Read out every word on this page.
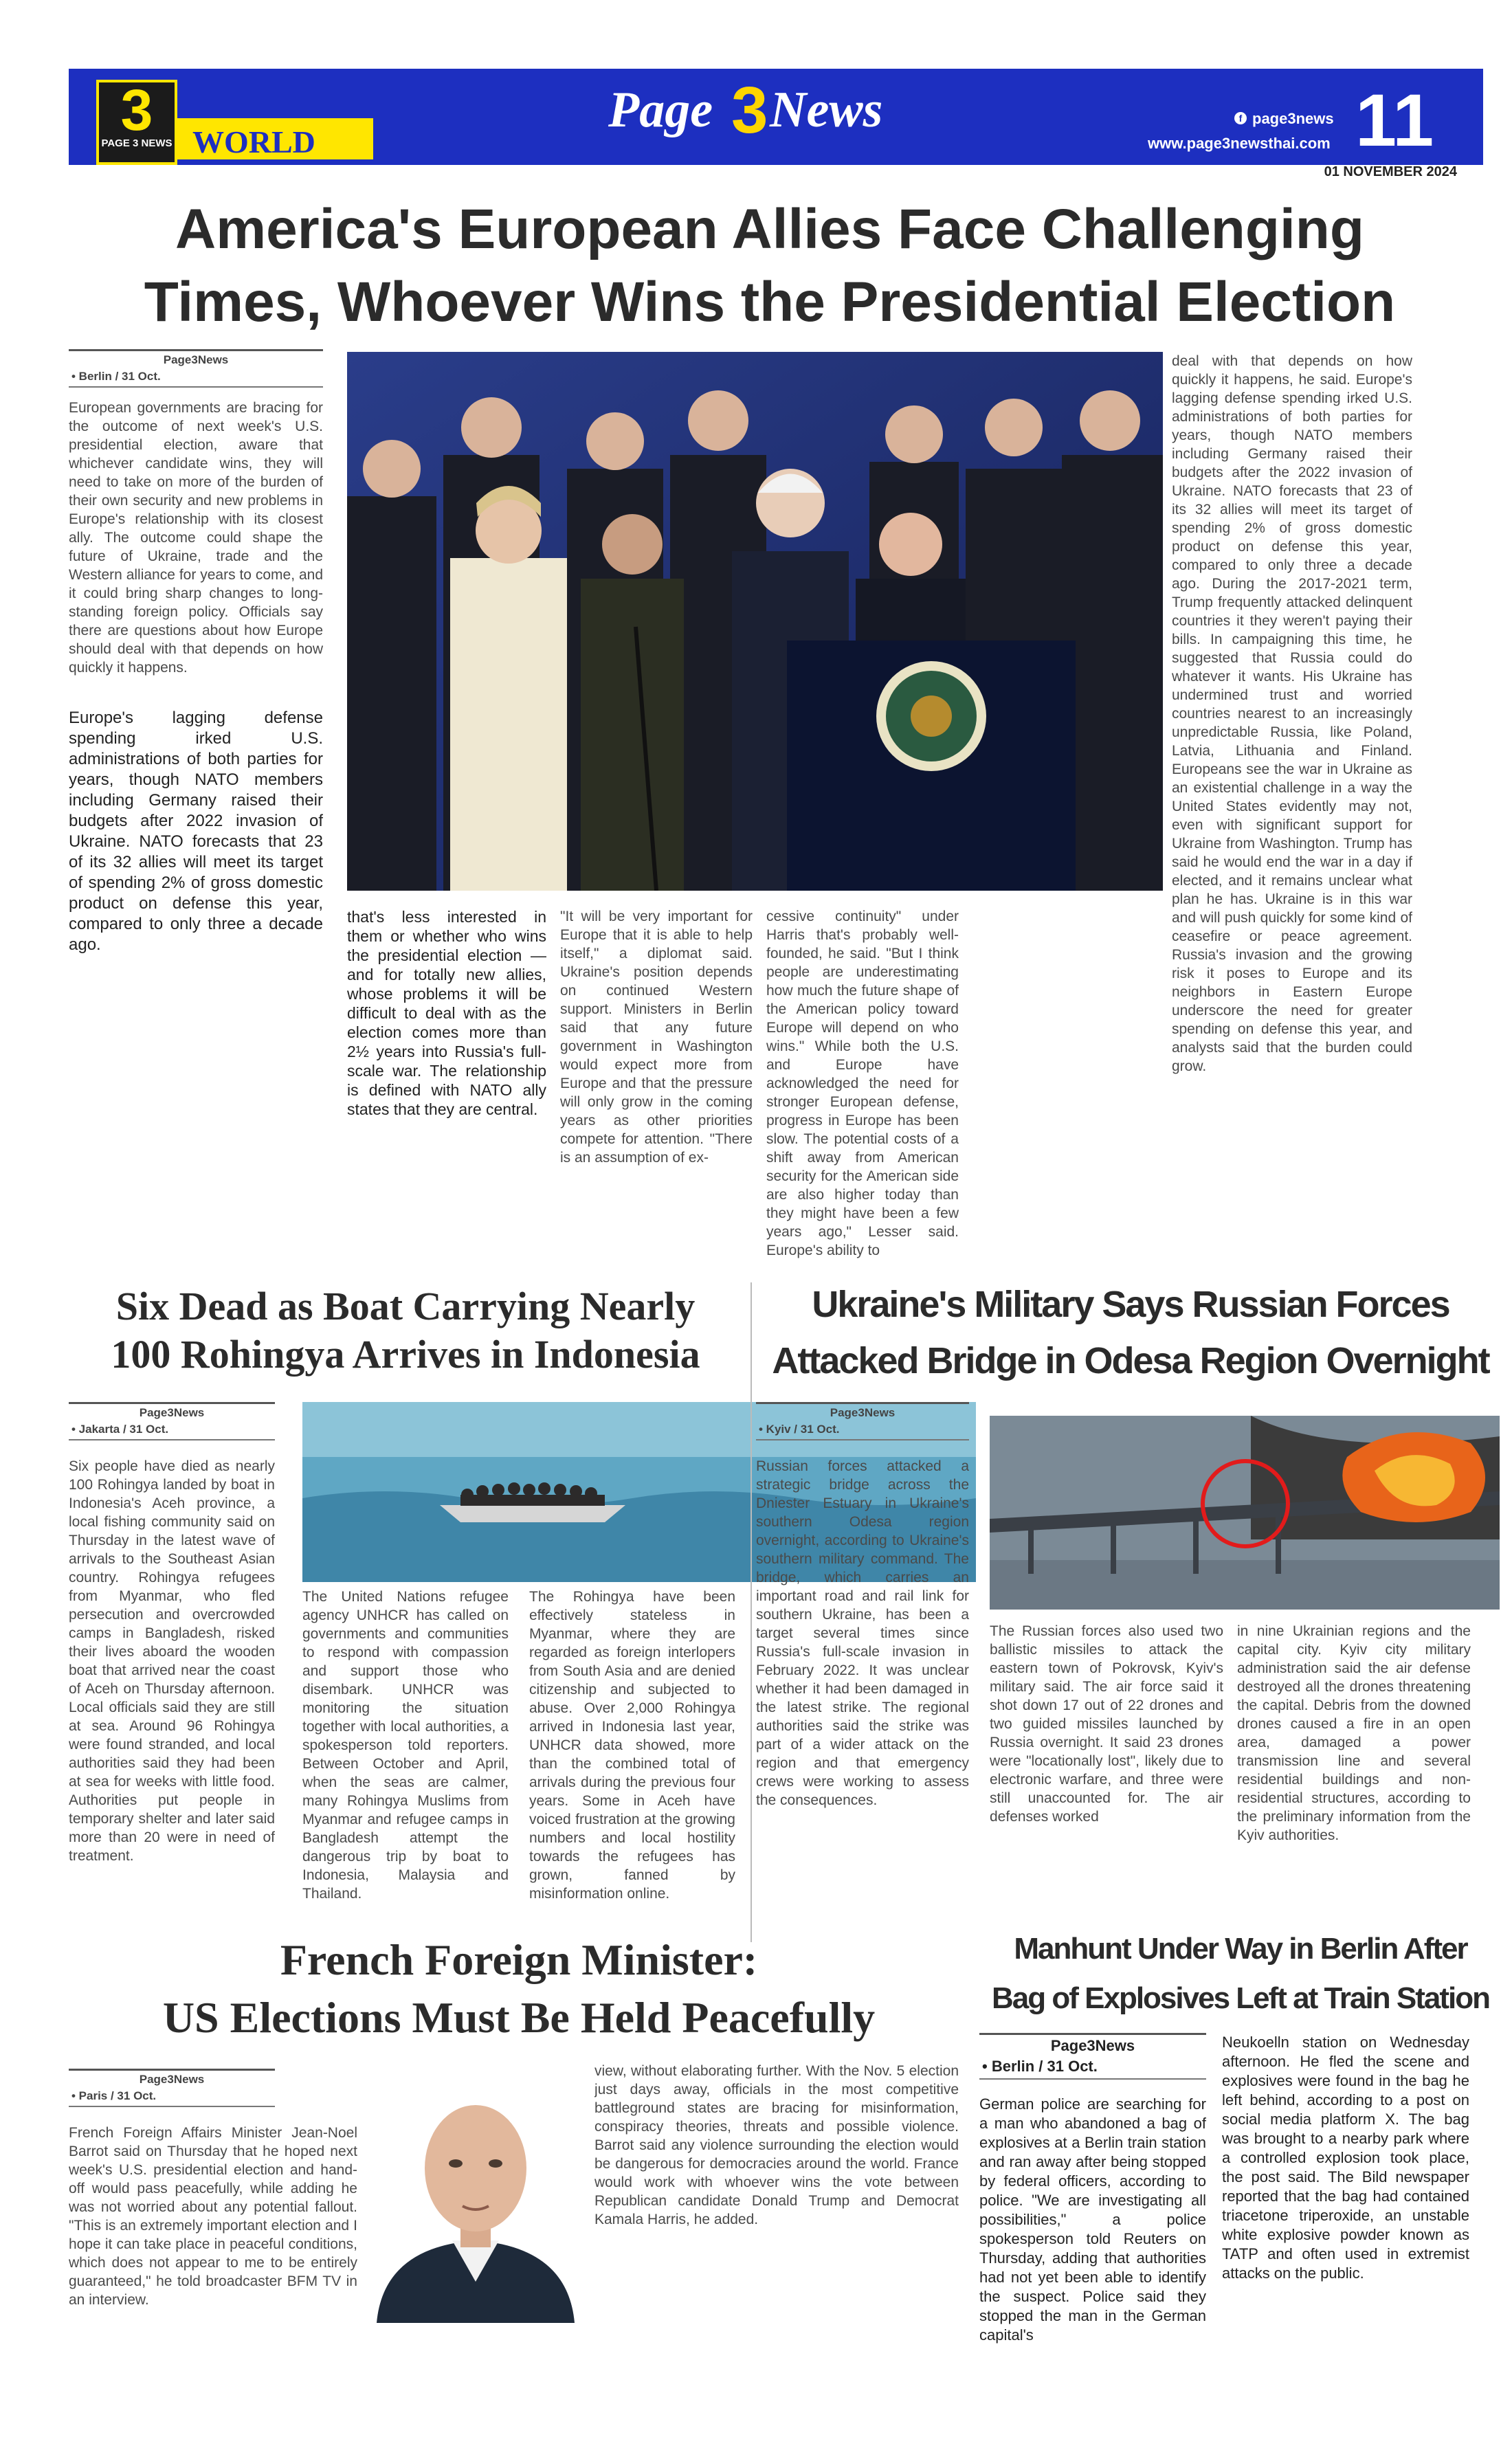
WORLD
3
PAGE 3 NEWS
Page 3 News	f page3news
www.page3newsthai.com 11
01 NOVEMBER 2024
America's European Allies Face Challenging
Times, Whoever Wins the Presidential Election
Page3News
• Berlin / 31 Oct.
European governments are bracing for the outcome of next week's U.S. presidential election, aware that whichever candidate wins, they will need to take on more of the burden of their own security and new problems in Europe's relationship with its closest ally. The outcome could shape the future of Ukraine, trade and the Western alliance for years to come, and it could bring sharp changes to long-standing foreign policy. Officials say there are questions about how Europe should deal with that depends on how quickly it happens.
Europe's lagging defense spending irked U.S. administrations of both parties for years, though NATO members including Germany raised their budgets after 2022 invasion of Ukraine. NATO forecasts that 23 of its 32 allies will meet its target of spending 2% of gross domestic product on defense this year, compared to only three a decade ago.
that's less interested in them or whether who wins the presidential election — and for totally new allies, whose problems it will be difficult to deal with as the election comes more than 2½ years into Russia's full-scale war. The relationship is defined with NATO ally states that they are central.
"It will be very important for Europe that it is able to help itself," a diplomat said. Ukraine's position depends on continued Western support. Ministers in Berlin said that any future government in Washington would expect more from Europe and that the pressure will only grow in the coming years as other priorities compete for attention. "There is an assumption of ex-
cessive continuity" under Harris that's probably well-founded, he said. "But I think people are underestimating how much the future shape of the American policy toward Europe will depend on who wins." While both the U.S. and Europe have acknowledged the need for stronger European defense, progress in Europe has been slow. The potential costs of a shift away from American security for the American side are also higher today than they might have been a few years ago," Lesser said. Europe's ability to
deal with that depends on how quickly it happens, he said. Europe's lagging defense spending irked U.S. administrations of both parties for years, though NATO members including Germany raised their budgets after the 2022 invasion of Ukraine. NATO forecasts that 23 of its 32 allies will meet its target of spending 2% of gross domestic product on defense this year, compared to only three a decade ago. During the 2017-2021 term, Trump frequently attacked delinquent countries it they weren't paying their bills. In campaigning this time, he suggested that Russia could do whatever it wants. His Ukraine has undermined trust and worried countries nearest to an increasingly unpredictable Russia, like Poland, Latvia, Lithuania and Finland. Europeans see the war in Ukraine as an existential challenge in a way the United States evidently may not, even with significant support for Ukraine from Washington. Trump has said he would end the war in a day if elected, and it remains unclear what plan he has. Ukraine is in this war and will push quickly for some kind of ceasefire or peace agreement. Russia's invasion and the growing risk it poses to Europe and its neighbors in Eastern Europe underscore the need for greater spending on defense this year, and analysts said that the burden could grow.
Six Dead as Boat Carrying Nearly
100 Rohingya Arrives in Indonesia
Page3News
• Jakarta / 31 Oct.
Six people have died as nearly 100 Rohingya landed by boat in Indonesia's Aceh province, a local fishing community said on Thursday in the latest wave of arrivals to the Southeast Asian country. Rohingya refugees from Myanmar, who fled persecution and overcrowded camps in Bangladesh, risked their lives aboard the wooden boat that arrived near the coast of Aceh on Thursday afternoon. Local officials said they are still at sea. Around 96 Rohingya were found stranded, and local authorities said they had been at sea for weeks with little food. Authorities put people in temporary shelter and later said more than 20 were in need of treatment.
The United Nations refugee agency UNHCR has called on governments and communities to respond with compassion and support those who disembark. UNHCR was monitoring the situation together with local authorities, a spokesperson told reporters. Between October and April, when the seas are calmer, many Rohingya Muslims from Myanmar and refugee camps in Bangladesh attempt the dangerous trip by boat to Indonesia, Malaysia and Thailand.
The Rohingya have been effectively stateless in Myanmar, where they are regarded as foreign interlopers from South Asia and are denied citizenship and subjected to abuse. Over 2,000 Rohingya arrived in Indonesia last year, UNHCR data showed, more than the combined total of arrivals during the previous four years. Some in Aceh have voiced frustration at the growing numbers and local hostility towards the refugees has grown, fanned by misinformation online.
Ukraine's Military Says Russian Forces
Attacked Bridge in Odesa Region Overnight
Page3News
• Kyiv / 31 Oct.
Russian forces attacked a strategic bridge across the Dniester Estuary in Ukraine's southern Odesa region overnight, according to Ukraine's southern military command. The bridge, which carries an important road and rail link for southern Ukraine, has been a target several times since Russia's full-scale invasion in February 2022. It was unclear whether it had been damaged in the latest strike. The regional authorities said the strike was part of a wider attack on the region and that emergency crews were working to assess the consequences.
The Russian forces also used two ballistic missiles to attack the eastern town of Pokrovsk, Kyiv's military said. The air force said it shot down 17 out of 22 drones and two guided missiles launched by Russia overnight. It said 23 drones were "locationally lost", likely due to electronic warfare, and three were still unaccounted for. The air defenses worked
in nine Ukrainian regions and the capital city. Kyiv city military administration said the air defense destroyed all the drones threatening the capital. Debris from the downed drones caused a fire in an open area, damaged a power transmission line and several residential buildings and non-residential structures, according to the preliminary information from the Kyiv authorities.
French Foreign Minister:
US Elections Must Be Held Peacefully
Page3News
• Paris / 31 Oct.
French Foreign Affairs Minister Jean-Noel Barrot said on Thursday that he hoped next week's U.S. presidential election and hand-off would pass peacefully, while adding he was not worried about any potential fallout. "This is an extremely important election and I hope it can take place in peaceful conditions, which does not appear to me to be entirely guaranteed," he told broadcaster BFM TV in an interview.
view, without elaborating further. With the Nov. 5 election just days away, officials in the most competitive battleground states are bracing for misinformation, conspiracy theories, threats and possible violence. Barrot said any violence surrounding the election would be dangerous for democracies around the world. France would work with whoever wins the vote between Republican candidate Donald Trump and Democrat Kamala Harris, he added.
Manhunt Under Way in Berlin After
Bag of Explosives Left at Train Station
Page3News
• Berlin / 31 Oct.
German police are searching for a man who abandoned a bag of explosives at a Berlin train station and ran away after being stopped by federal officers, according to police. "We are investigating all possibilities," a police spokesperson told Reuters on Thursday, adding that authorities had not yet been able to identify the suspect. Police said they stopped the man in the German capital's
Neukoelln station on Wednesday afternoon. He fled the scene and explosives were found in the bag he left behind, according to a post on social media platform X. The bag was brought to a nearby park where a controlled explosion took place, the post said. The Bild newspaper reported that the bag had contained triacetone triperoxide, an unstable white explosive powder known as TATP and often used in extremist attacks on the public.
